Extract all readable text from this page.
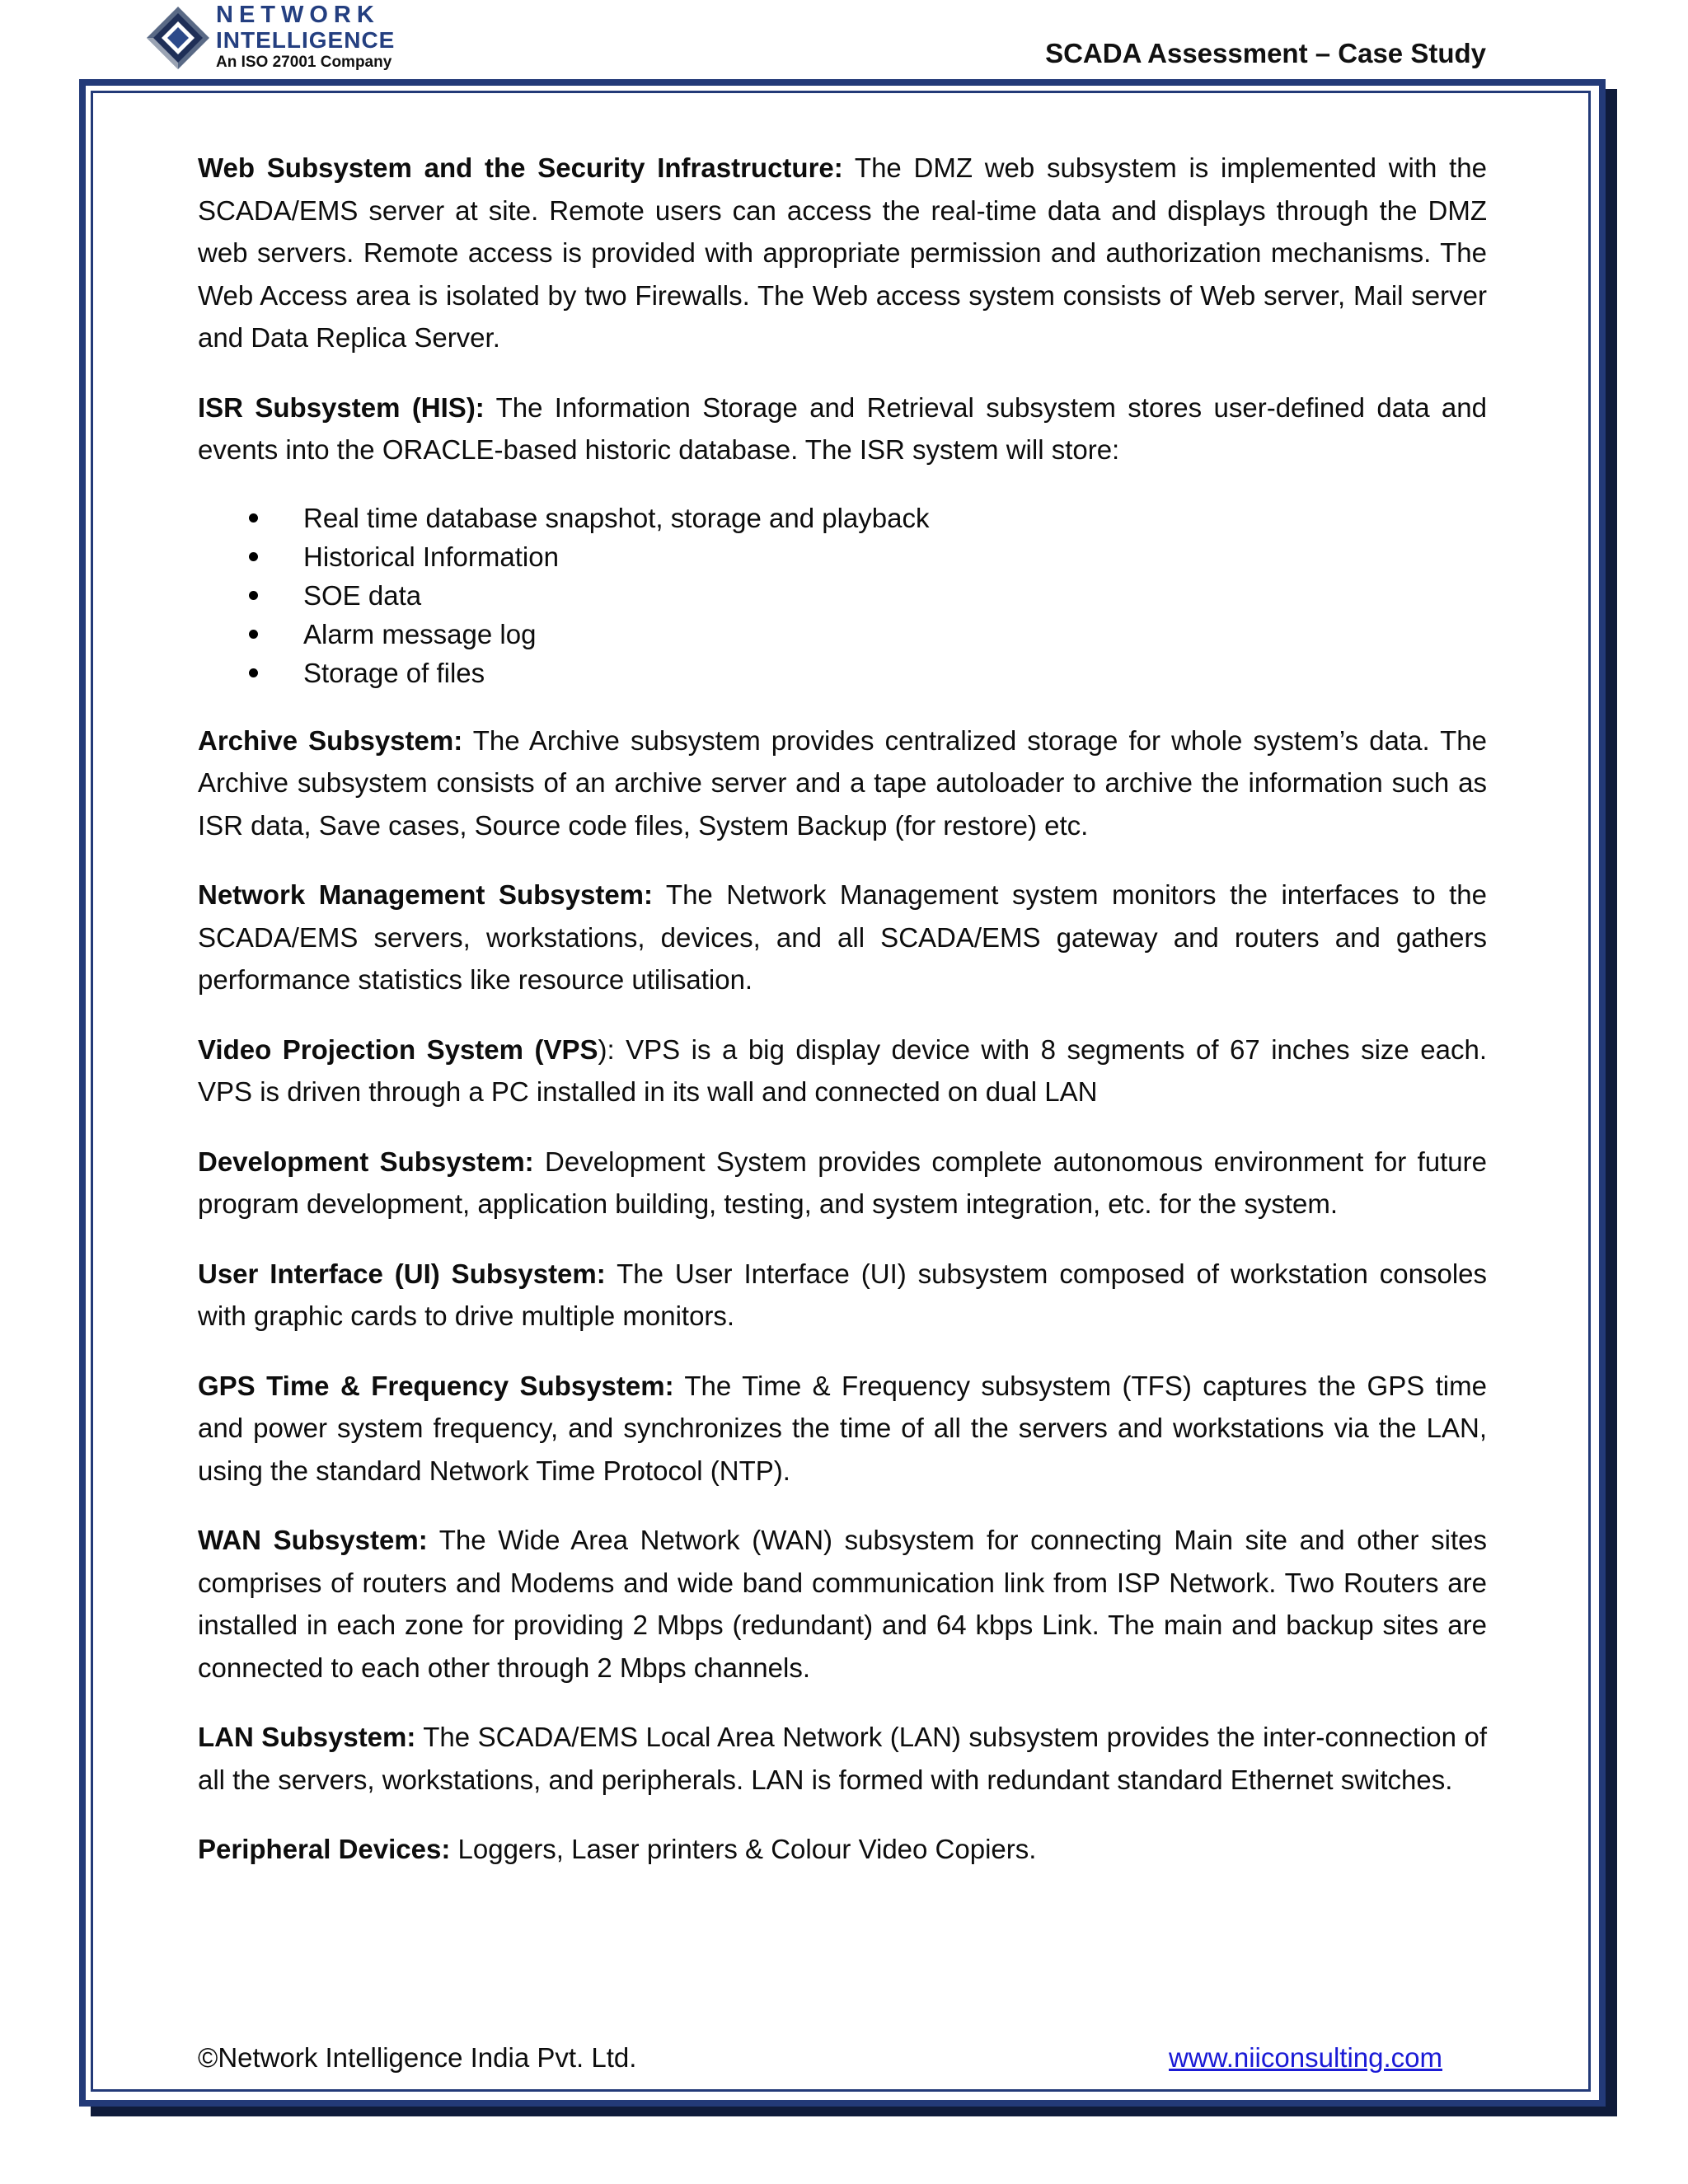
NETWORK
INTELLIGENCE
An ISO 27001 Company	SCADA Assessment – Case Study

Web Subsystem and the Security Infrastructure: The DMZ web subsystem is implemented with the SCADA/EMS server at site. Remote users can access the real-time data and displays through the DMZ web servers. Remote access is provided with appropriate permission and authorization mechanisms. The Web Access area is isolated by two Firewalls. The Web access system consists of Web server, Mail server and Data Replica Server.

ISR Subsystem (HIS): The Information Storage and Retrieval subsystem stores user-defined data and events into the ORACLE-based historic database. The ISR system will store:

Real time database snapshot, storage and playback
Historical Information
SOE data
Alarm message log
Storage of files

Archive Subsystem: The Archive subsystem provides centralized storage for whole system’s data. The Archive subsystem consists of an archive server and a tape autoloader to archive the information such as ISR data, Save cases, Source code files, System Backup (for restore) etc.

Network Management Subsystem: The Network Management system monitors the interfaces to the SCADA/EMS servers, workstations, devices, and all SCADA/EMS gateway and routers and gathers performance statistics like resource utilisation.

Video Projection System (VPS): VPS is a big display device with 8 segments of 67 inches size each. VPS is driven through a PC installed in its wall and connected on dual LAN

Development Subsystem: Development System provides complete autonomous environment for future program development, application building, testing, and system integration, etc. for the system.

User Interface (UI) Subsystem: The User Interface (UI) subsystem composed of workstation consoles with graphic cards to drive multiple monitors.

GPS Time & Frequency Subsystem: The Time & Frequency subsystem (TFS) captures the GPS time and power system frequency, and synchronizes the time of all the servers and workstations via the LAN, using the standard Network Time Protocol (NTP).

WAN Subsystem: The Wide Area Network (WAN) subsystem for connecting Main site and other sites comprises of routers and Modems and wide band communication link from ISP Network. Two Routers are installed in each zone for providing 2 Mbps (redundant) and 64 kbps Link. The main and backup sites are connected to each other through 2 Mbps channels.

LAN Subsystem: The SCADA/EMS Local Area Network (LAN) subsystem provides the inter-connection of all the servers, workstations, and peripherals. LAN is formed with redundant standard Ethernet switches.

Peripheral Devices: Loggers, Laser printers & Colour Video Copiers.

©Network Intelligence India Pvt. Ltd.	www.niiconsulting.com
